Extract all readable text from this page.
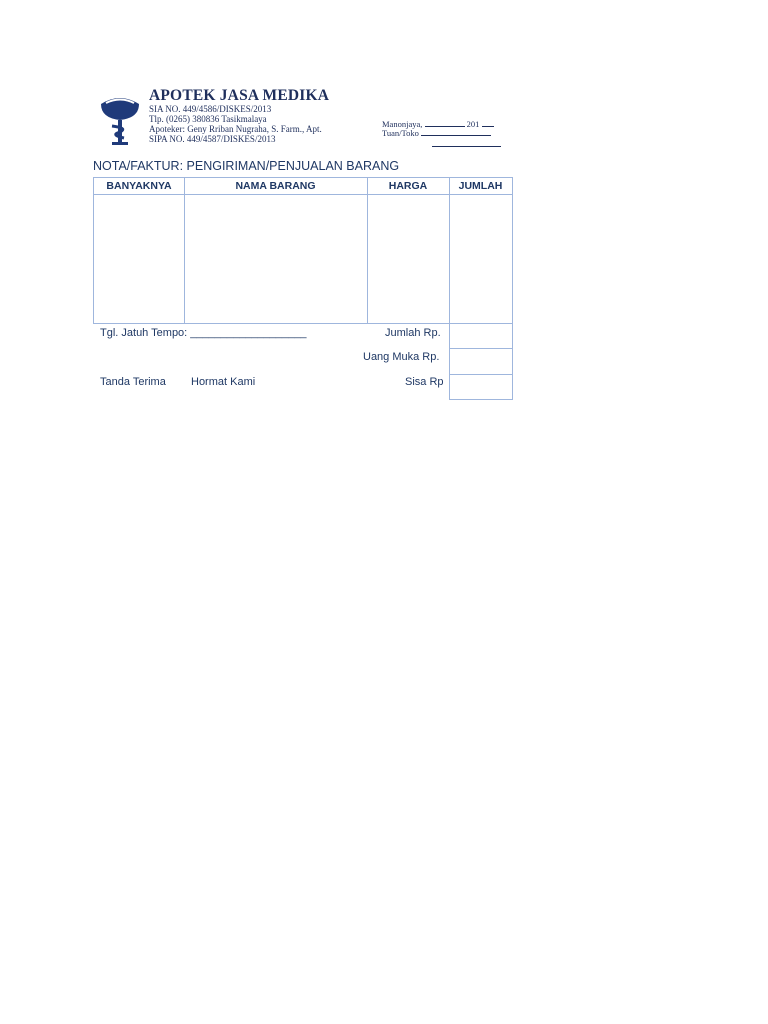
APOTEK JASA MEDIKA
SIA NO. 449/4586/DISKES/2013
Tlp. (0265) 380836 Tasikmalaya
Apoteker: Geny Rriban Nugraha, S. Farm., Apt.
SIPA NO. 449/4587/DISKES/2013
Manonjaya,	201
Tuan/Toko
NOTA/FAKTUR: PENGIRIMAN/PENJUALAN BARANG
BANYAKNYA	NAMA BARANG	HARGA	JUMLAH
Tgl. Jatuh Tempo: ___________________	Jumlah Rp.
Uang Muka Rp.
Tanda Terima Hormat Kami	Sisa Rp
